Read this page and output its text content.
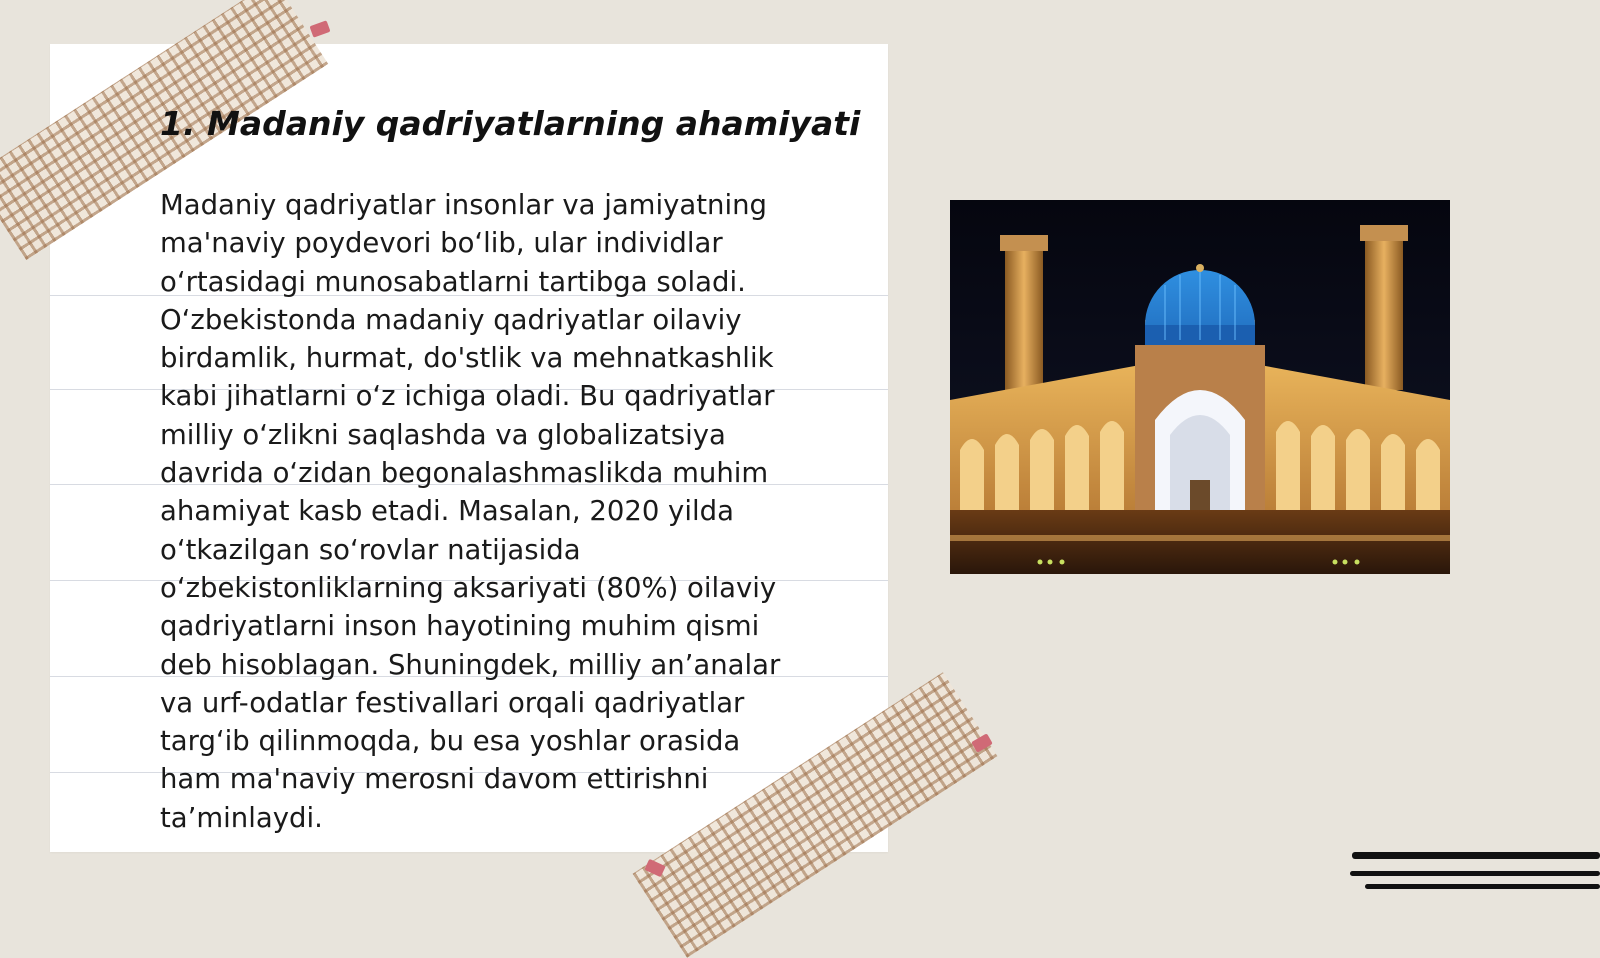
1. Madaniy qadriyatlarning ahamiyati
Madaniy qadriyatlar insonlar va jamiyatning
ma'naviy poydevori bo‘lib, ular individlar
o‘rtasidagi munosabatlarni tartibga soladi.
O‘zbekistonda madaniy qadriyatlar oilaviy
birdamlik, hurmat, do'stlik va mehnatkashlik
kabi jihatlarni o‘z ichiga oladi. Bu qadriyatlar
milliy o‘zlikni saqlashda va globalizatsiya
davrida o‘zidan begonalashmaslikda muhim
ahamiyat kasb etadi. Masalan, 2020 yilda
o‘tkazilgan so‘rovlar natijasida
o‘zbekistonliklarning aksariyati (80%) oilaviy
qadriyatlarni inson hayotining muhim qismi
deb hisoblagan. Shuningdek, milliy an’analar
va urf-odatlar festivallari orqali qadriyatlar
targ‘ib qilinmoqda, bu esa yoshlar orasida
ham ma'naviy merosni davom ettirishni
ta’minlaydi.
